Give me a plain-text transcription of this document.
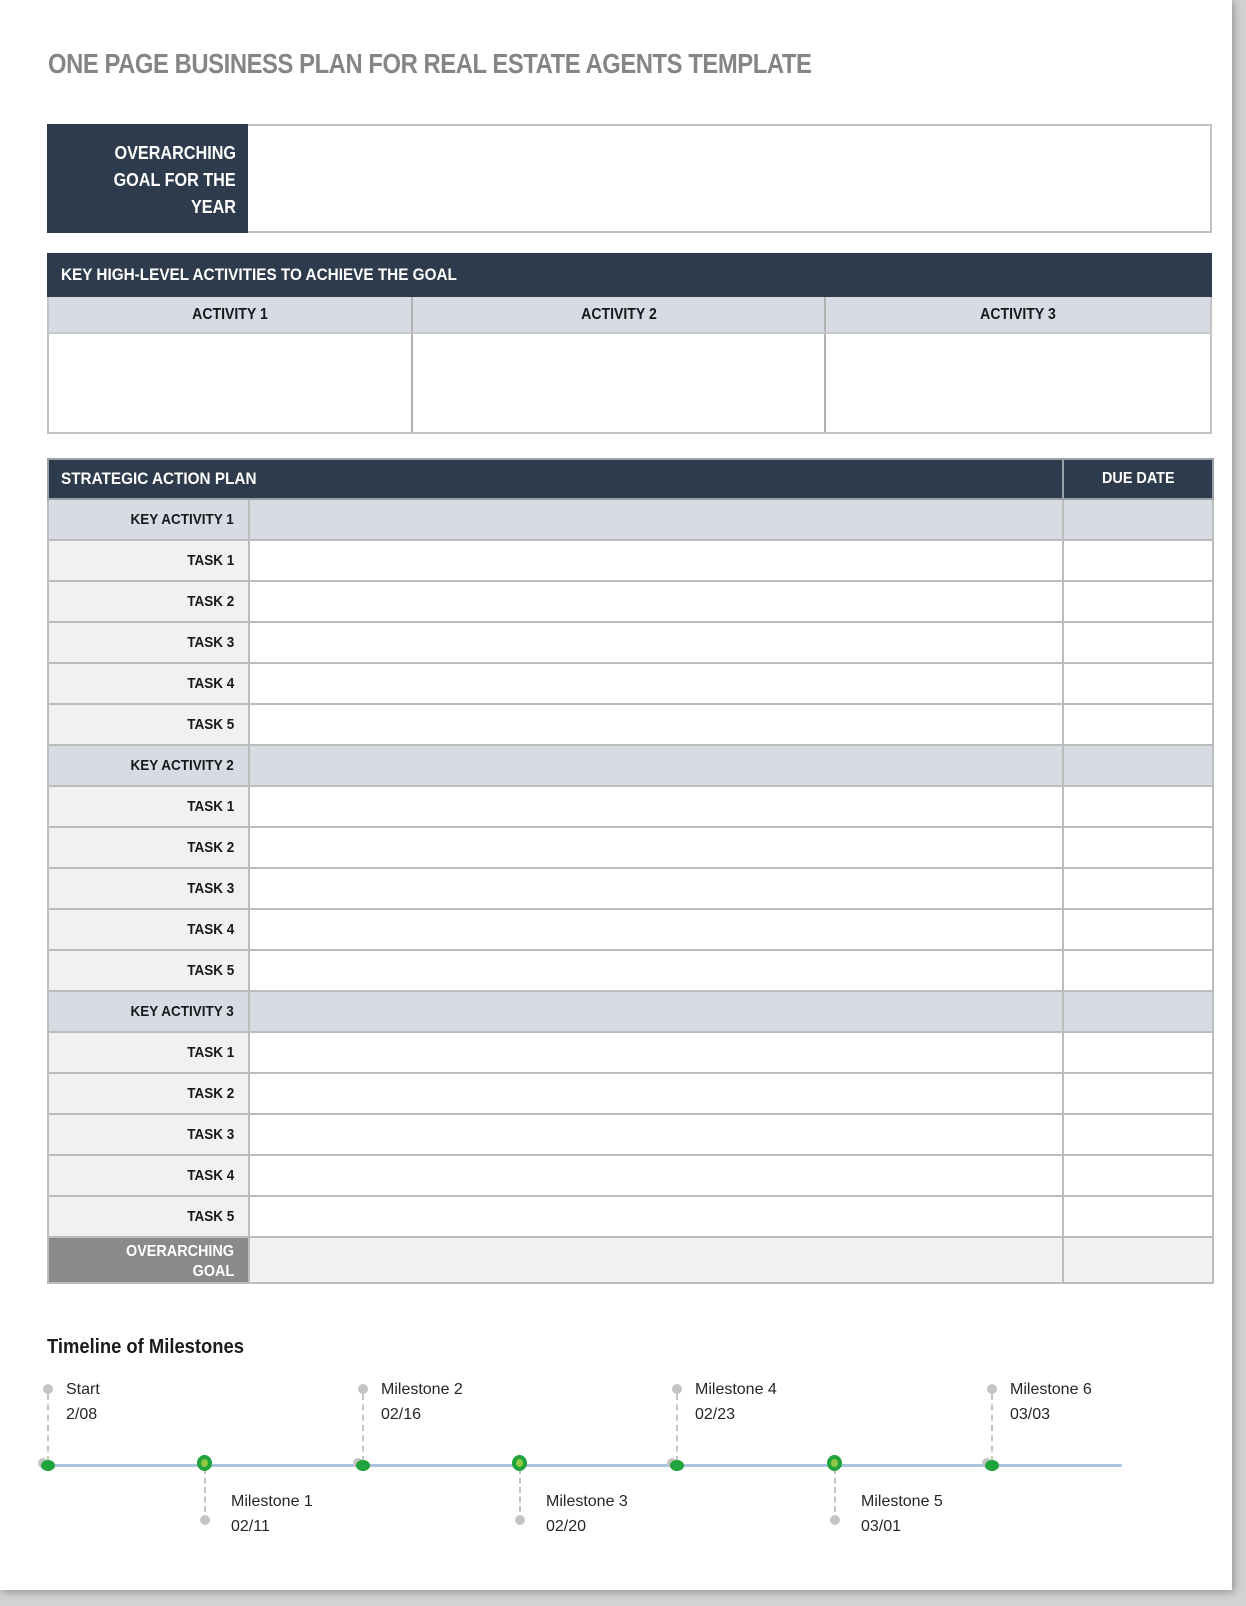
ONE PAGE BUSINESS PLAN FOR REAL ESTATE AGENTS TEMPLATE
OVERARCHING
GOAL FOR THE
YEAR
KEY HIGH-LEVEL ACTIVITIES TO ACHIEVE THE GOAL
ACTIVITY 1	ACTIVITY 2	ACTIVITY 3
STRATEGIC ACTION PLAN		DUE DATE
KEY ACTIVITY 1		
TASK 1		
TASK 2		
TASK 3		
TASK 4		
TASK 5		
KEY ACTIVITY 2		
TASK 1		
TASK 2		
TASK 3		
TASK 4		
TASK 5		
KEY ACTIVITY 3		
TASK 1		
TASK 2		
TASK 3		
TASK 4		
TASK 5		
OVERARCHING
GOAL		
Timeline of Milestones
Start
2/08
Milestone 1
02/11
Milestone 2
02/16
Milestone 3
02/20
Milestone 4
02/23
Milestone 5
03/01
Milestone 6
03/03
